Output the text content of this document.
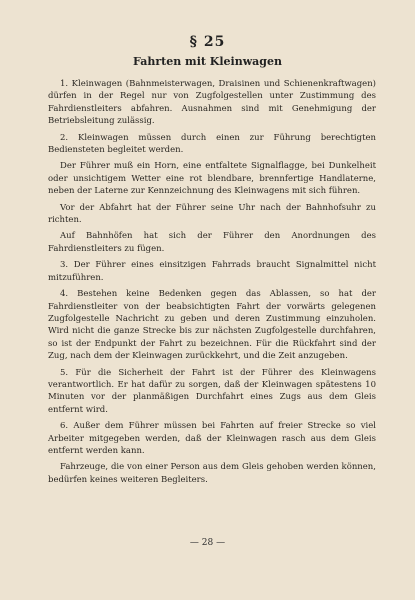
§ 25
Fahrten mit Kleinwagen

1. Kleinwagen (Bahnmeisterwagen, Draisinen und Schienenkraftwagen) dürfen in der Regel nur von Zugfolgestellen unter Zustimmung des Fahrdienstleiters abfahren. Ausnahmen sind mit Genehmigung der Betriebsleitung zulässig.

2. Kleinwagen müssen durch einen zur Führung berechtigten Bediensteten begleitet werden.

Der Führer muß ein Horn, eine entfaltete Signalflagge, bei Dunkelheit oder unsichtigem Wetter eine rot blendbare, brennfertige Handlaterne, neben der Laterne zur Kennzeichnung des Kleinwagens mit sich führen.

Vor der Abfahrt hat der Führer seine Uhr nach der Bahnhofsuhr zu richten.

Auf Bahnhöfen hat sich der Führer den Anordnungen des Fahrdienstleiters zu fügen.

3. Der Führer eines einsitzigen Fahrrads braucht Signalmittel nicht mitzuführen.

4. Bestehen keine Bedenken gegen das Ablassen, so hat der Fahrdienstleiter von der beabsichtigten Fahrt der vorwärts gelegenen Zugfolgestelle Nachricht zu geben und deren Zustimmung einzuholen. Wird nicht die ganze Strecke bis zur nächsten Zugfolgestelle durchfahren, so ist der Endpunkt der Fahrt zu bezeichnen. Für die Rückfahrt sind der Zug, nach dem der Kleinwagen zurückkehrt, und die Zeit anzugeben.

5. Für die Sicherheit der Fahrt ist der Führer des Kleinwagens verantwortlich. Er hat dafür zu sorgen, daß der Kleinwagen spätestens 10 Minuten vor der planmäßigen Durchfahrt eines Zugs aus dem Gleis entfernt wird.

6. Außer dem Führer müssen bei Fahrten auf freier Strecke so viel Arbeiter mitgegeben werden, daß der Kleinwagen rasch aus dem Gleis entfernt werden kann.

Fahrzeuge, die von einer Person aus dem Gleis gehoben werden können, bedürfen keines weiteren Begleiters.

— 28 —
